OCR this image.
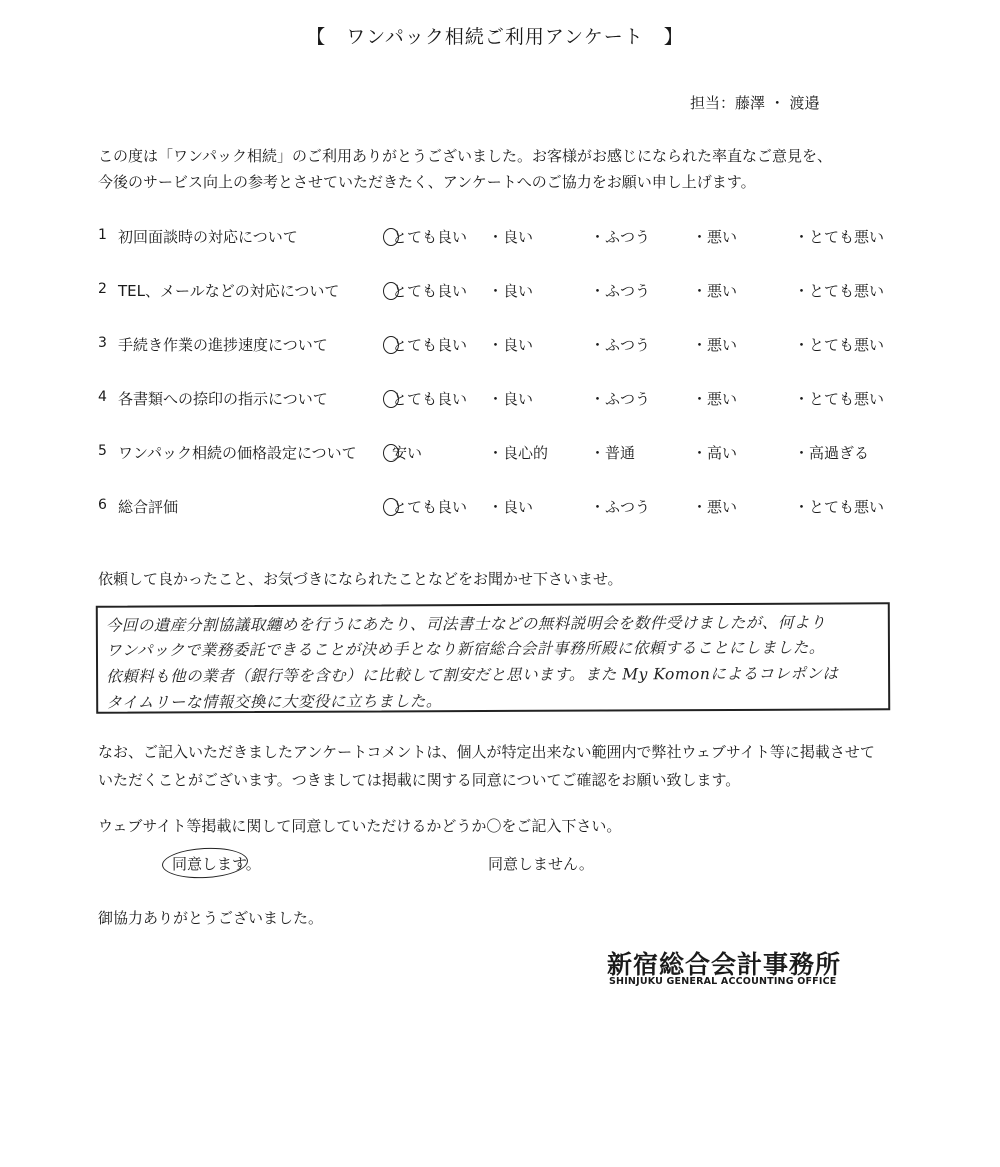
【　ワンパック相続ご利用アンケート　】
担当：藤澤 ・ 渡邉
この度は「ワンパック相続」のご利用ありがとうございました。お客様がお感じになられた率直なご意見を、
今後のサービス向上の参考とさせていただきたく、アンケートへのご協力をお願い申し上げます。
1 初回面談時の対応について	とても良い ・良い	・ふつう	・悪い	・とても悪い
2 TEL、メールなどの対応について	とても良い ・良い	・ふつう	・悪い	・とても悪い
3 手続き作業の進捗速度について	とても良い ・良い	・ふつう	・悪い	・とても悪い
4 各書類への捺印の指示について	とても良い ・良い	・ふつう	・悪い	・とても悪い
5 ワンパック相続の価格設定について 安い	・良心的	・普通	・高い	・高過ぎる
6 総合評価	とても良い ・良い	・ふつう	・悪い	・とても悪い
依頼して良かったこと、お気づきになられたことなどをお聞かせ下さいませ。
今回の遺産分割協議取纏めを行うにあたり、司法書士などの無料説明会を数件受けましたが、何より
ワンパックで業務委託できることが決め手となり新宿総合会計事務所殿に依頼することにしました。
依頼料も他の業者（銀行等を含む）に比較して割安だと思います。また My Komonによるコレポンは
タイムリーな情報交換に大変役に立ちました。
なお、ご記入いただきましたアンケートコメントは、個人が特定出来ない範囲内で弊社ウェブサイト等に掲載させて
いただくことがございます。つきましては掲載に関する同意についてご確認をお願い致します。
ウェブサイト等掲載に関して同意していただけるかどうか〇をご記入下さい。
同意します。	同意しません。
御協力ありがとうございました。
新宿総合会計事務所
SHINJUKU GENERAL ACCOUNTING OFFICE
